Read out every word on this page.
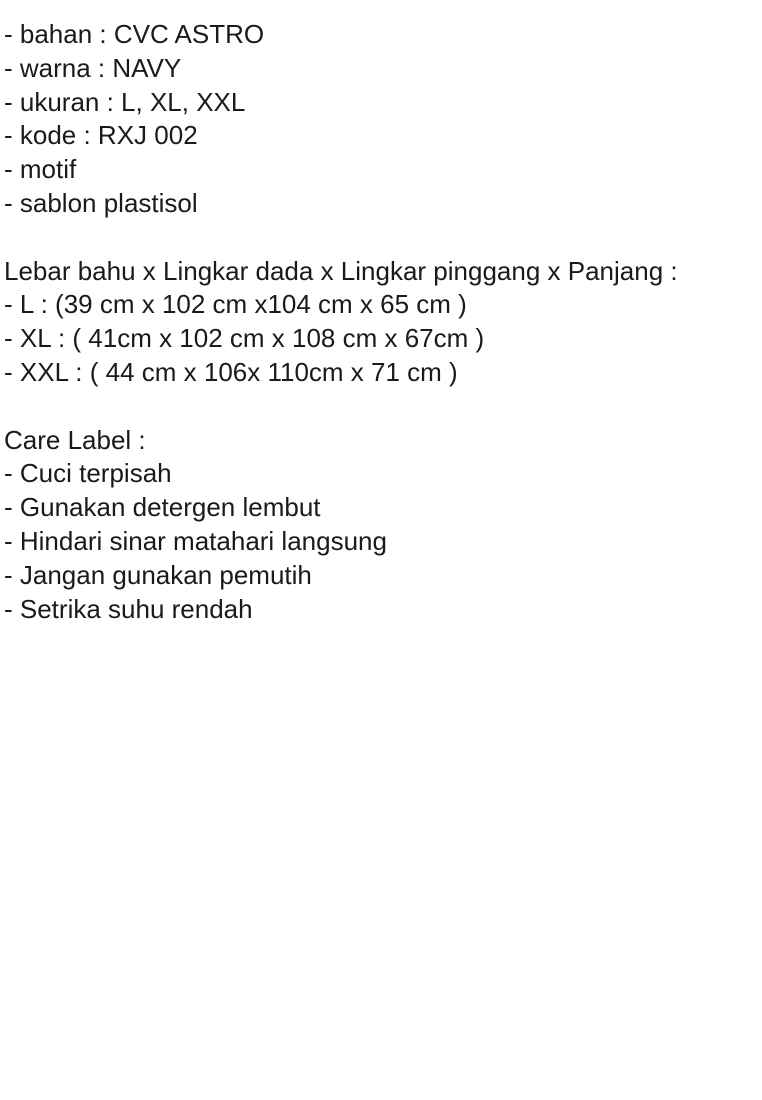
- bahan : CVC ASTRO
- warna : NAVY
- ukuran : L, XL, XXL
- kode : RXJ 002
- motif
- sablon plastisol
Lebar bahu x Lingkar dada x Lingkar pinggang x Panjang :
- L : (39 cm x 102 cm x104 cm x 65 cm )
- XL : ( 41cm x 102 cm x 108 cm x 67cm )
- XXL : ( 44 cm x 106x 110cm x 71 cm )
Care Label :
- Cuci terpisah
- Gunakan detergen lembut
- Hindari sinar matahari langsung
- Jangan gunakan pemutih
- Setrika suhu rendah
